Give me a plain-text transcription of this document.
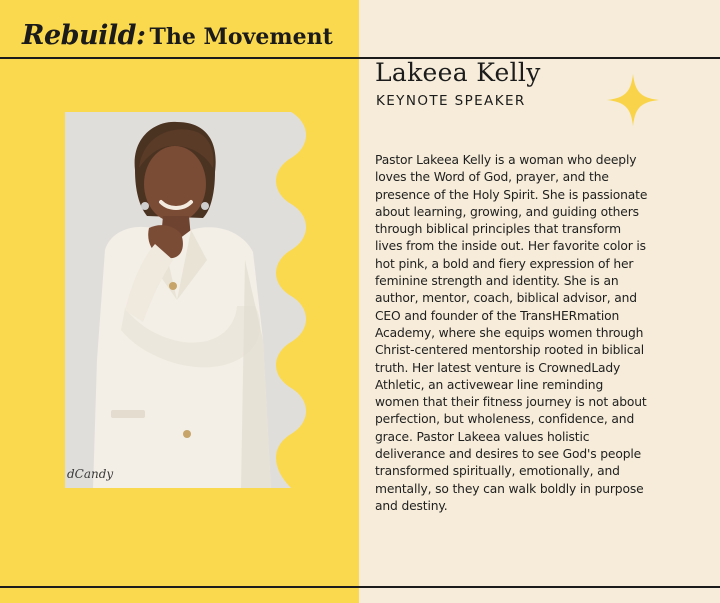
Rebuild: The Movement
Lakeea Kelly
KEYNOTE SPEAKER
dCandy

Pastor Lakeea Kelly is a woman who deeply loves the Word of God, prayer, and the presence of the Holy Spirit. She is passionate about learning, growing, and guiding others through biblical principles that transform lives from the inside out. Her favorite color is hot pink, a bold and fiery expression of her feminine strength and identity. She is an author, mentor, coach, biblical advisor, and CEO and founder of the TransHERmation Academy, where she equips women through Christ-centered mentorship rooted in biblical truth. Her latest venture is CrownedLady Athletic, an activewear line reminding women that their fitness journey is not about perfection, but wholeness, confidence, and grace. Pastor Lakeea values holistic deliverance and desires to see God's people transformed spiritually, emotionally, and mentally, so they can walk boldly in purpose and destiny.
